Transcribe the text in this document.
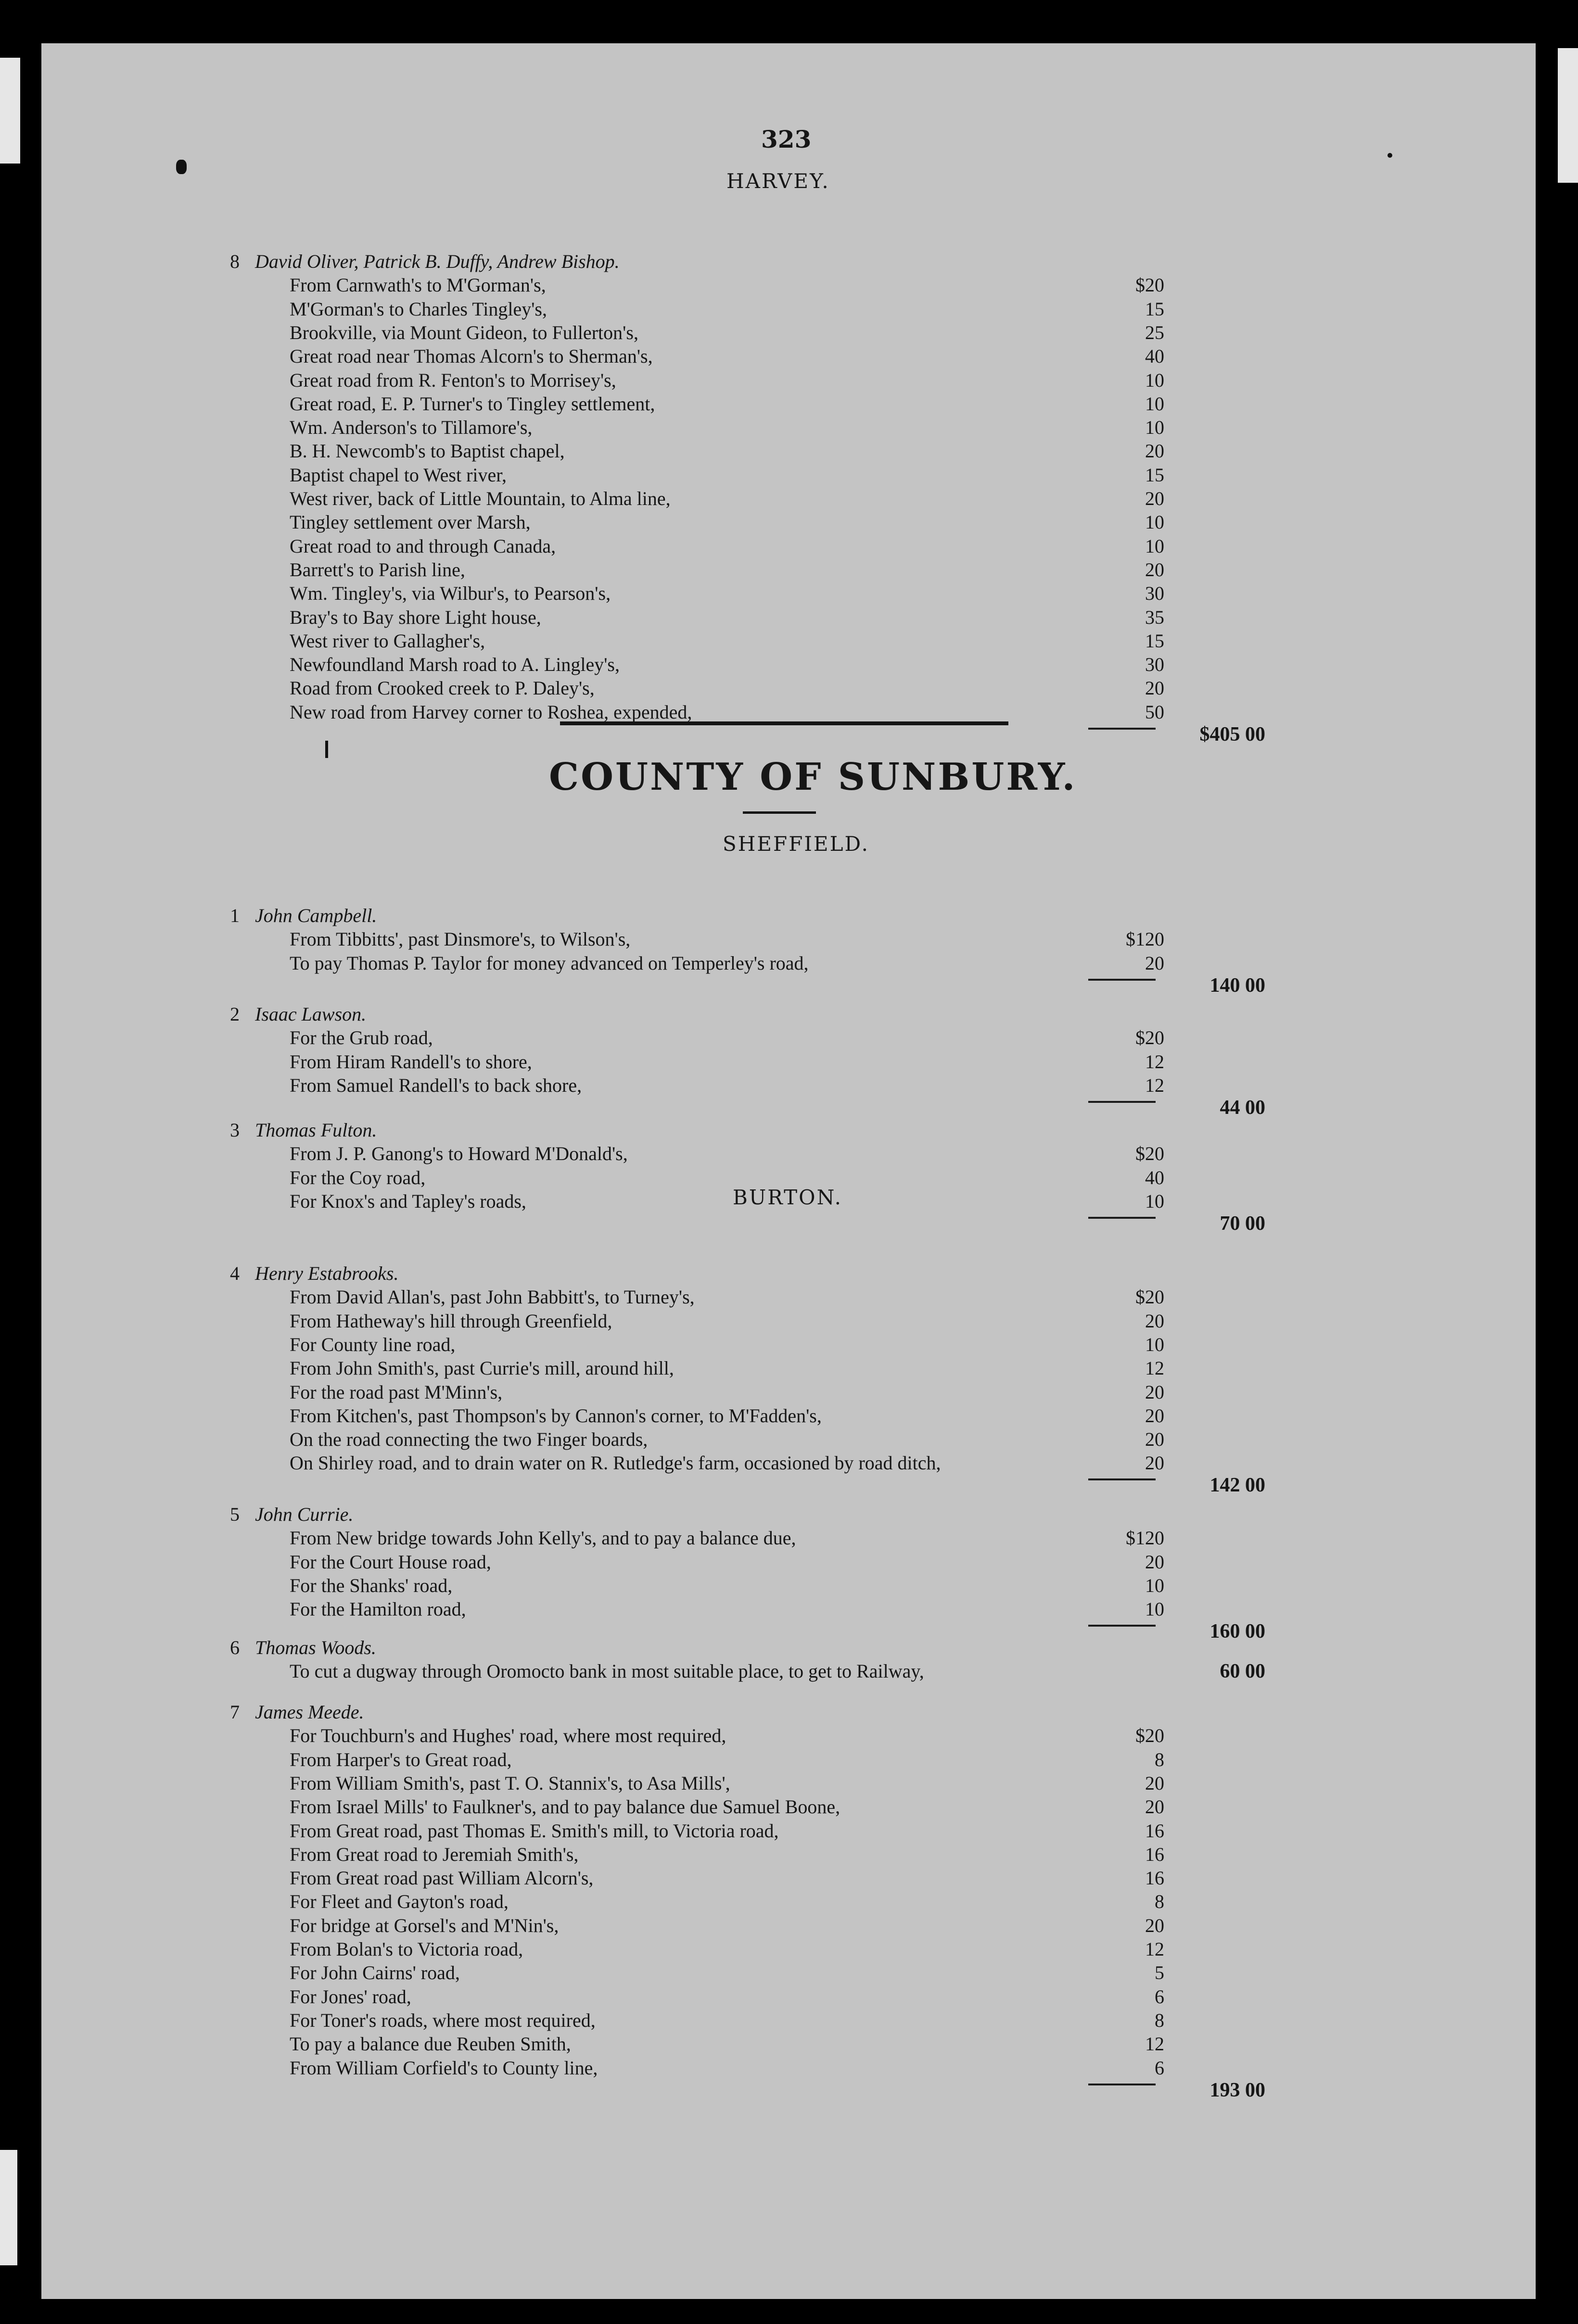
323
HARVEY.
COUNTY OF SUNBURY.
SHEFFIELD.
BURTON.
8 David Oliver, Patrick B. Duffy, Andrew Bishop.
From Carnwath's to M'Gorman's,	$20
M'Gorman's to Charles Tingley's,	15
Brookville, via Mount Gideon, to Fullerton's,	25
Great road near Thomas Alcorn's to Sherman's,	40
Great road from R. Fenton's to Morrisey's,	10
Great road, E. P. Turner's to Tingley settlement,	10
Wm. Anderson's to Tillamore's,	10
B. H. Newcomb's to Baptist chapel,	20
Baptist chapel to West river,	15
West river, back of Little Mountain, to Alma line,	20
Tingley settlement over Marsh,	10
Great road to and through Canada,	10
Barrett's to Parish line,	20
Wm. Tingley's, via Wilbur's, to Pearson's,	30
Bray's to Bay shore Light house,	35
West river to Gallagher's,	15
Newfoundland Marsh road to A. Lingley's,	30
Road from Crooked creek to P. Daley's,	20
New road from Harvey corner to Roshea, expended,	50
$405 00
1 John Campbell.
From Tibbitts', past Dinsmore's, to Wilson's,	$120
To pay Thomas P. Taylor for money advanced on Temperley's road,	20
140 00
2 Isaac Lawson.
For the Grub road,	$20
From Hiram Randell's to shore,	12
From Samuel Randell's to back shore,	12
44 00
3 Thomas Fulton.
From J. P. Ganong's to Howard M'Donald's,	$20
For the Coy road,	40
For Knox's and Tapley's roads,	10
70 00
4 Henry Estabrooks.
From David Allan's, past John Babbitt's, to Turney's,	$20
From Hatheway's hill through Greenfield,	20
For County line road,	10
From John Smith's, past Currie's mill, around hill,	12
For the road past M'Minn's,	20
From Kitchen's, past Thompson's by Cannon's corner, to M'Fadden's,	20
On the road connecting the two Finger boards,	20
On Shirley road, and to drain water on R. Rutledge's farm, occasioned by road ditch,	20
142 00
5 John Currie.
From New bridge towards John Kelly's, and to pay a balance due,	$120
For the Court House road,	20
For the Shanks' road,	10
For the Hamilton road,	10
160 00
6 Thomas Woods.
To cut a dugway through Oromocto bank in most suitable place, to get to Railway,	60 00
7 James Meede.
For Touchburn's and Hughes' road, where most required,	$20
From Harper's to Great road,	8
From William Smith's, past T. O. Stannix's, to Asa Mills',	20
From Israel Mills' to Faulkner's, and to pay balance due Samuel Boone,	20
From Great road, past Thomas E. Smith's mill, to Victoria road,	16
From Great road to Jeremiah Smith's,	16
From Great road past William Alcorn's,	16
For Fleet and Gayton's road,	8
For bridge at Gorsel's and M'Nin's,	20
From Bolan's to Victoria road,	12
For John Cairns' road,	5
For Jones' road,	6
For Toner's roads, where most required,	8
To pay a balance due Reuben Smith,	12
From William Corfield's to County line,	6
193 00
